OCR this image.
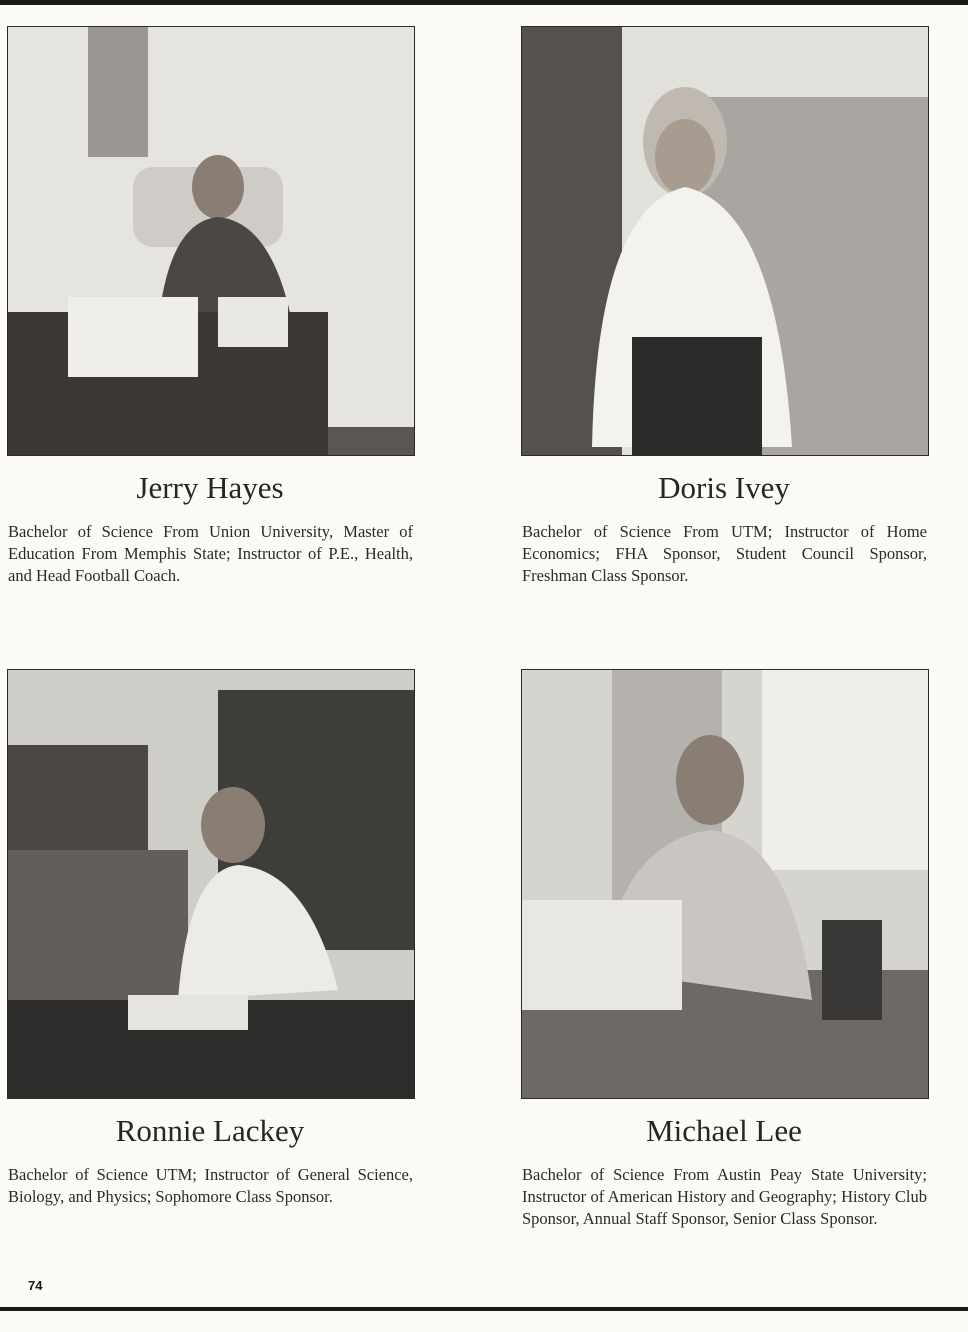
Jerry Hayes

Bachelor of Science From Union University, Master of Education From Memphis State; Instructor of P.E., Health, and Head Football Coach.

Doris Ivey

Bachelor of Science From UTM; Instructor of Home Economics; FHA Sponsor, Student Council Sponsor, Freshman Class Sponsor.

Ronnie Lackey

Bachelor of Science UTM; Instructor of General Science, Biology, and Physics; Sophomore Class Sponsor.

Michael Lee

Bachelor of Science From Austin Peay State University; Instructor of American History and Geography; History Club Sponsor, Annual Staff Sponsor, Senior Class Sponsor.

74
